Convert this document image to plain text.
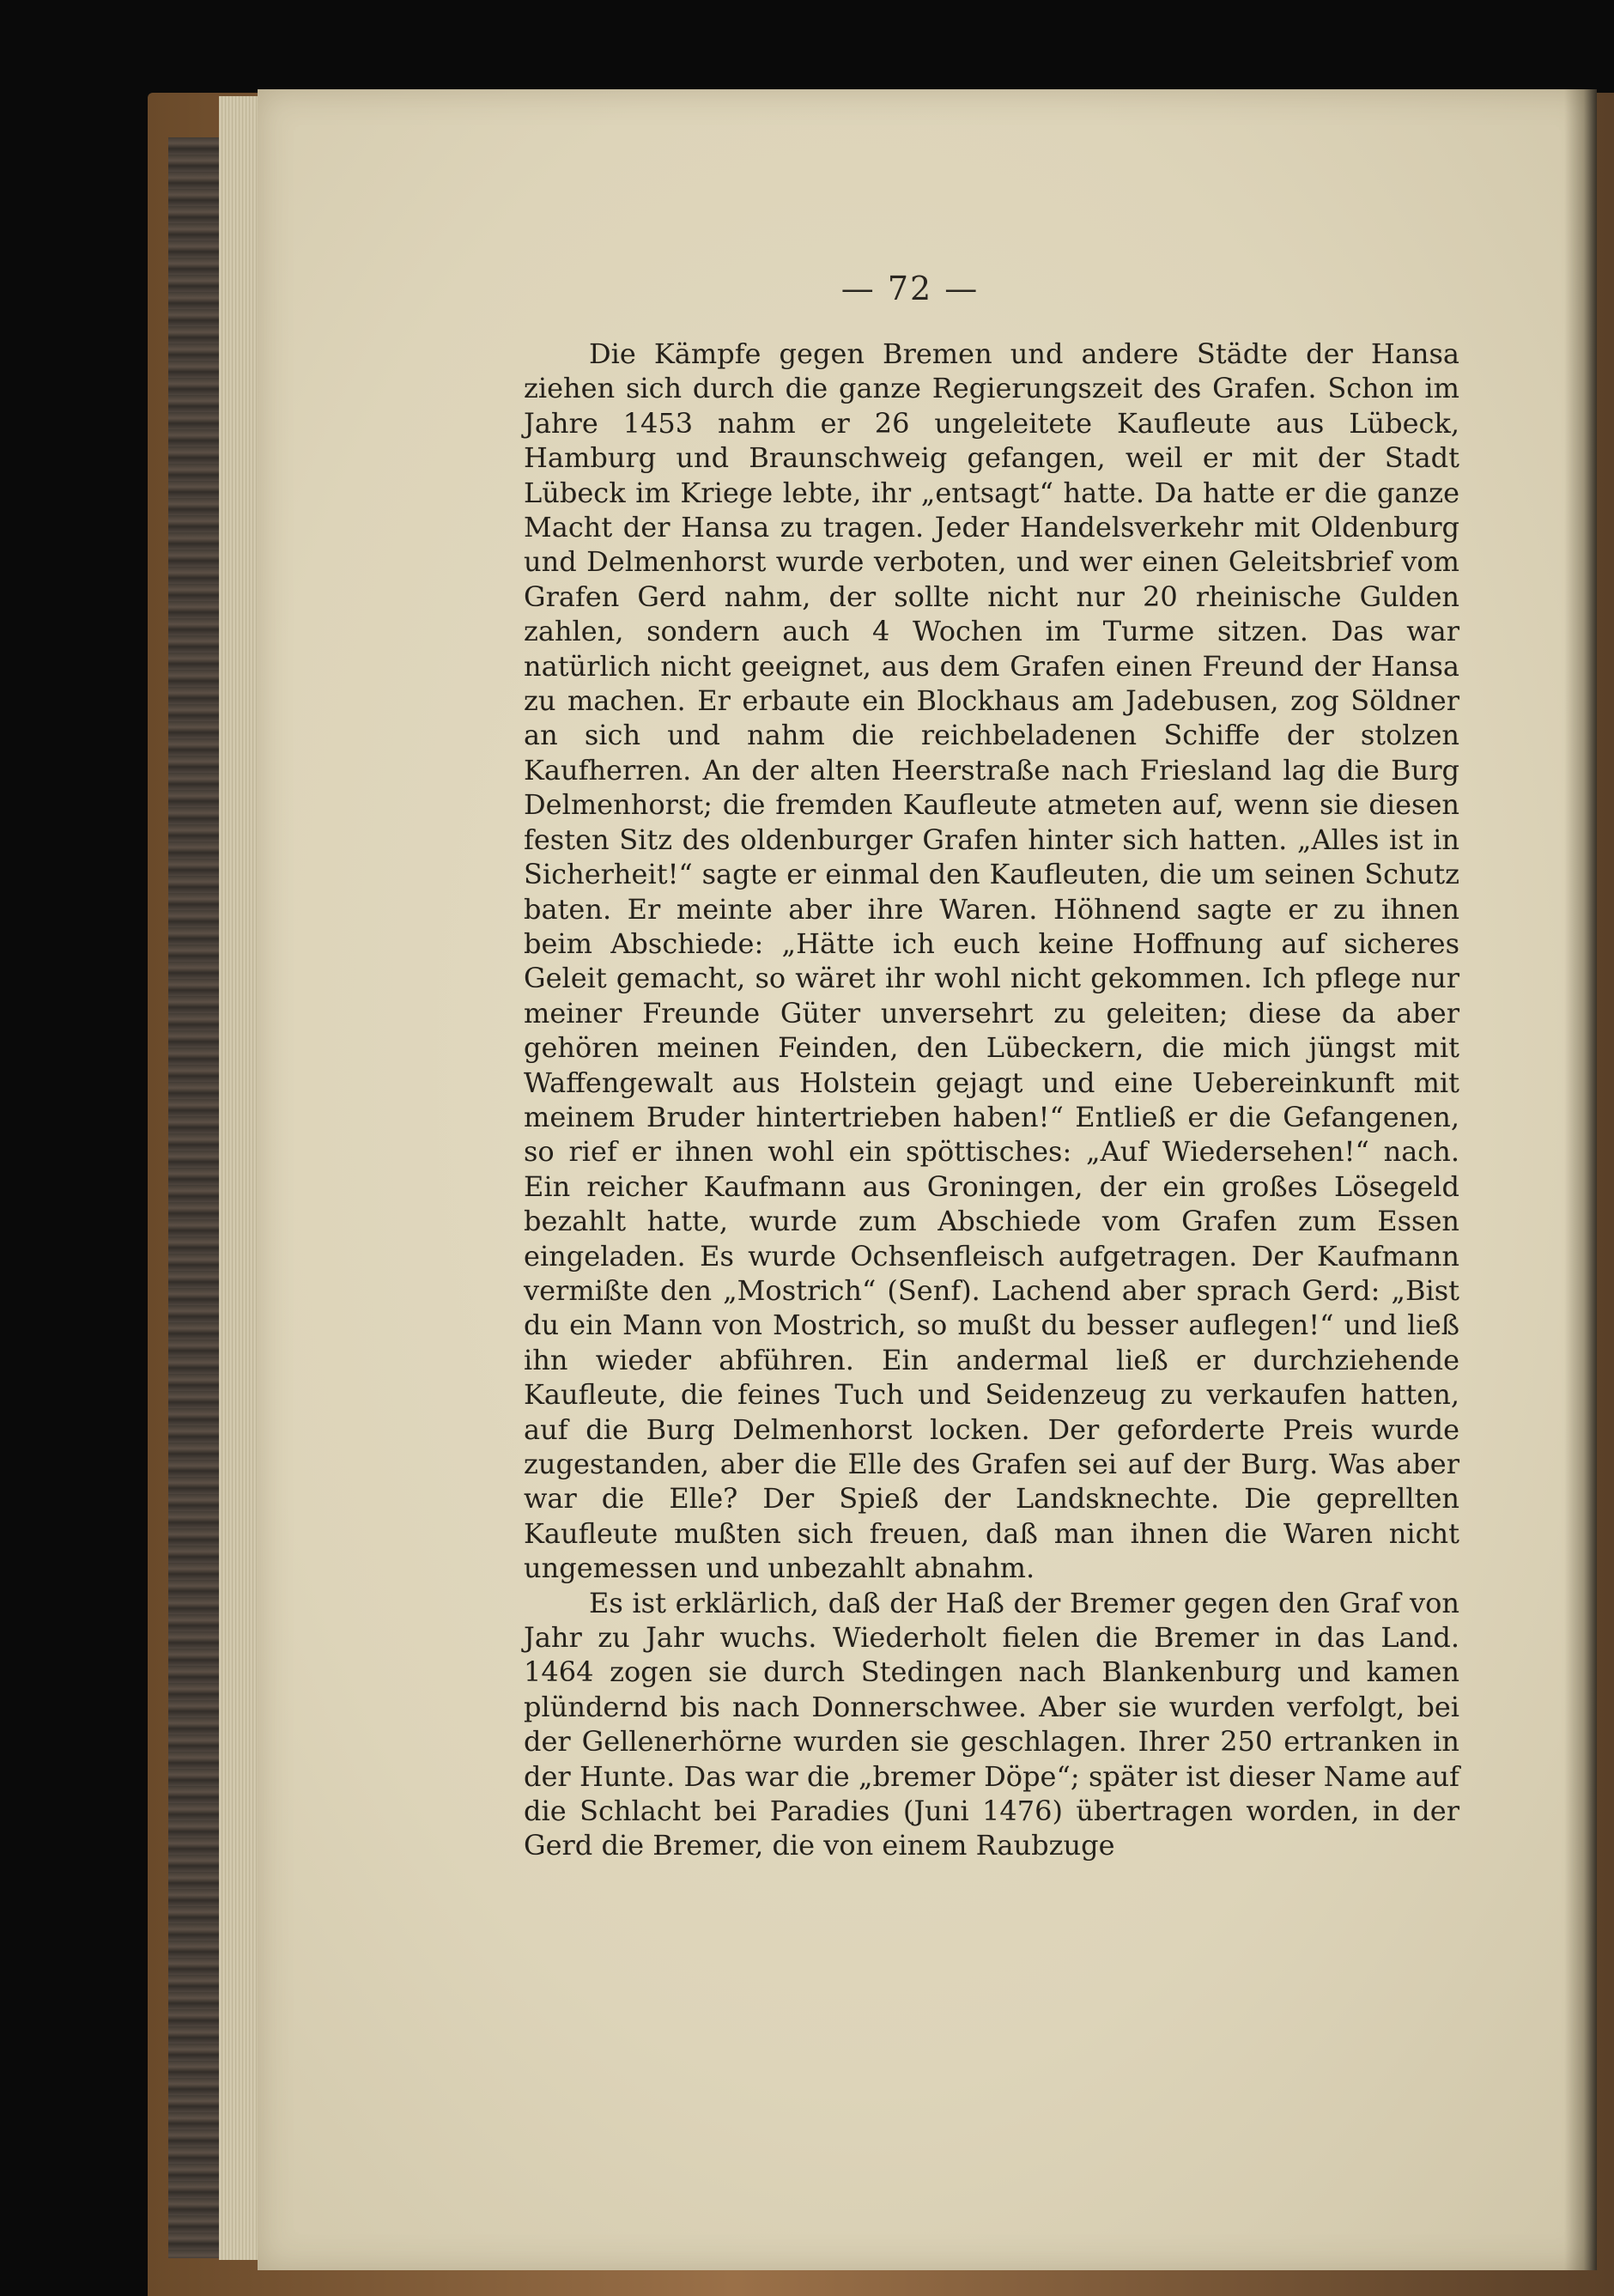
— 72 —

Die Kämpfe gegen Bremen und andere Städte der Hansa ziehen sich durch die ganze Regierungszeit des Grafen. Schon im Jahre 1453 nahm er 26 ungeleitete Kaufleute aus Lübeck, Hamburg und Braunschweig gefangen, weil er mit der Stadt Lübeck im Kriege lebte, ihr „entsagt“ hatte. Da hatte er die ganze Macht der Hansa zu tragen. Jeder Handelsverkehr mit Oldenburg und Delmenhorst wurde verboten, und wer einen Geleitsbrief vom Grafen Gerd nahm, der sollte nicht nur 20 rheinische Gulden zahlen, sondern auch 4 Wochen im Turme sitzen. Das war natürlich nicht geeignet, aus dem Grafen einen Freund der Hansa zu machen. Er erbaute ein Blockhaus am Jadebusen, zog Söldner an sich und nahm die reichbeladenen Schiffe der stolzen Kaufherren. An der alten Heerstraße nach Friesland lag die Burg Delmenhorst; die fremden Kaufleute atmeten auf, wenn sie diesen festen Sitz des oldenburger Grafen hinter sich hatten. „Alles ist in Sicherheit!“ sagte er einmal den Kaufleuten, die um seinen Schutz baten. Er meinte aber ihre Waren. Höhnend sagte er zu ihnen beim Abschiede: „Hätte ich euch keine Hoffnung auf sicheres Geleit gemacht, so wäret ihr wohl nicht gekommen. Ich pflege nur meiner Freunde Güter unversehrt zu geleiten; diese da aber gehören meinen Feinden, den Lübeckern, die mich jüngst mit Waffengewalt aus Holstein gejagt und eine Uebereinkunft mit meinem Bruder hintertrieben haben!“ Entließ er die Gefangenen, so rief er ihnen wohl ein spöttisches: „Auf Wiedersehen!“ nach. Ein reicher Kaufmann aus Groningen, der ein großes Lösegeld bezahlt hatte, wurde zum Abschiede vom Grafen zum Essen eingeladen. Es wurde Ochsenfleisch aufgetragen. Der Kaufmann vermißte den „Mostrich“ (Senf). Lachend aber sprach Gerd: „Bist du ein Mann von Mostrich, so mußt du besser auflegen!“ und ließ ihn wieder abführen. Ein andermal ließ er durchziehende Kaufleute, die feines Tuch und Seidenzeug zu verkaufen hatten, auf die Burg Delmenhorst locken. Der geforderte Preis wurde zugestanden, aber die Elle des Grafen sei auf der Burg. Was aber war die Elle? Der Spieß der Landsknechte. Die geprellten Kaufleute mußten sich freuen, daß man ihnen die Waren nicht ungemessen und unbezahlt abnahm.

Es ist erklärlich, daß der Haß der Bremer gegen den Graf von Jahr zu Jahr wuchs. Wiederholt fielen die Bremer in das Land. 1464 zogen sie durch Stedingen nach Blankenburg und kamen plündernd bis nach Donnerschwee. Aber sie wurden verfolgt, bei der Gellenerhörne wurden sie geschlagen. Ihrer 250 ertranken in der Hunte. Das war die „bremer Döpe“; später ist dieser Name auf die Schlacht bei Paradies (Juni 1476) übertragen worden, in der Gerd die Bremer, die von einem Raubzuge
